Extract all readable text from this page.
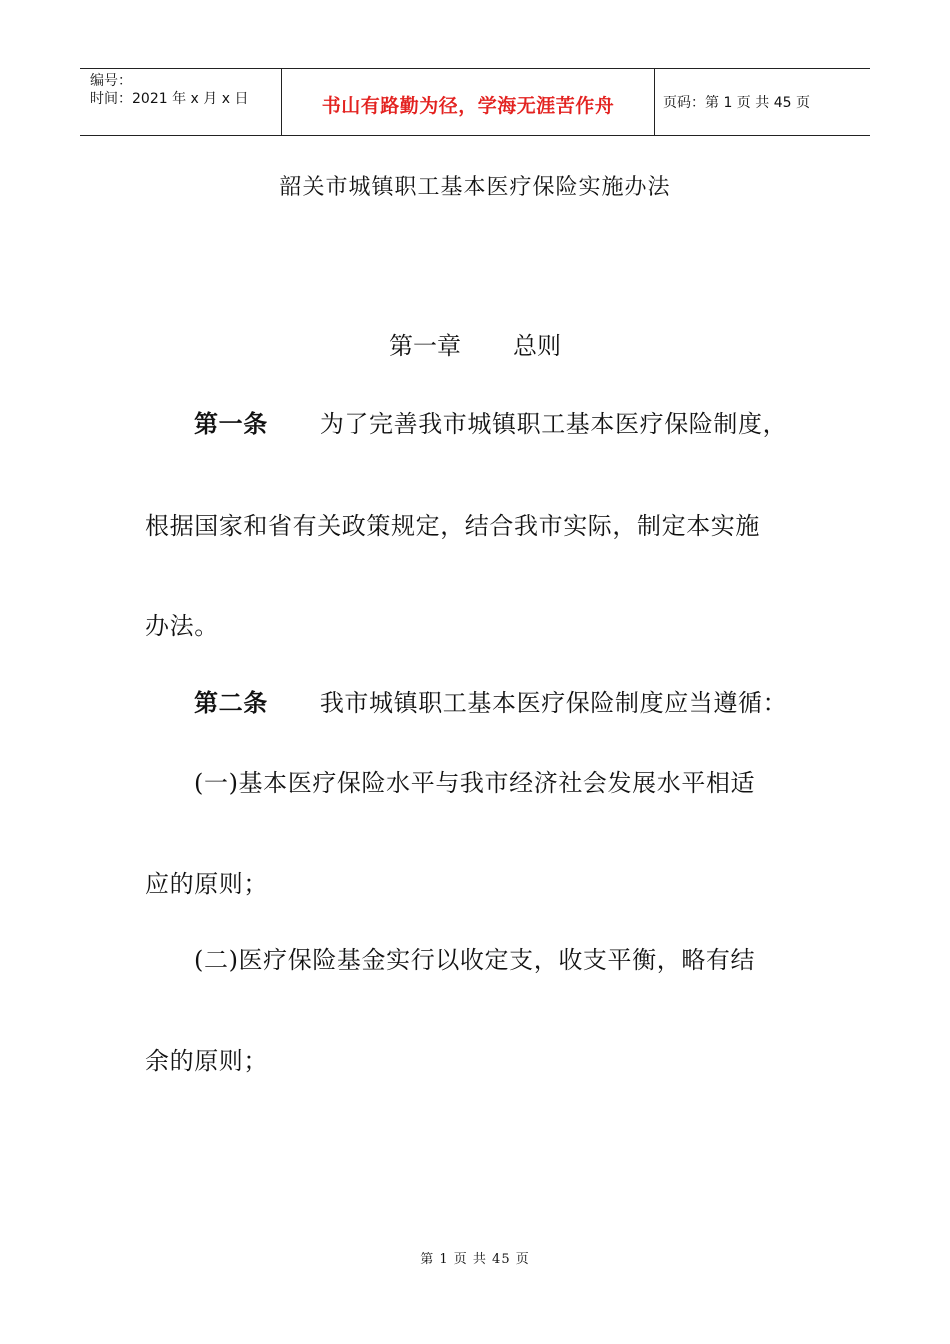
编号：
时间：2021 年 x 月 x 日	书山有路勤为径，学海无涯苦作舟	页码：第 1 页 共 45 页
韶关市城镇职工基本医疗保险实施办法
第一章 总则
第一条 为了完善我市城镇职工基本医疗保险制度，
根据国家和省有关政策规定，结合我市实际，制定本实施
办法。
第二条 我市城镇职工基本医疗保险制度应当遵循：
(一)基本医疗保险水平与我市经济社会发展水平相适
应的原则；
(二)医疗保险基金实行以收定支，收支平衡，略有结
余的原则；
第 1 页 共 45 页
